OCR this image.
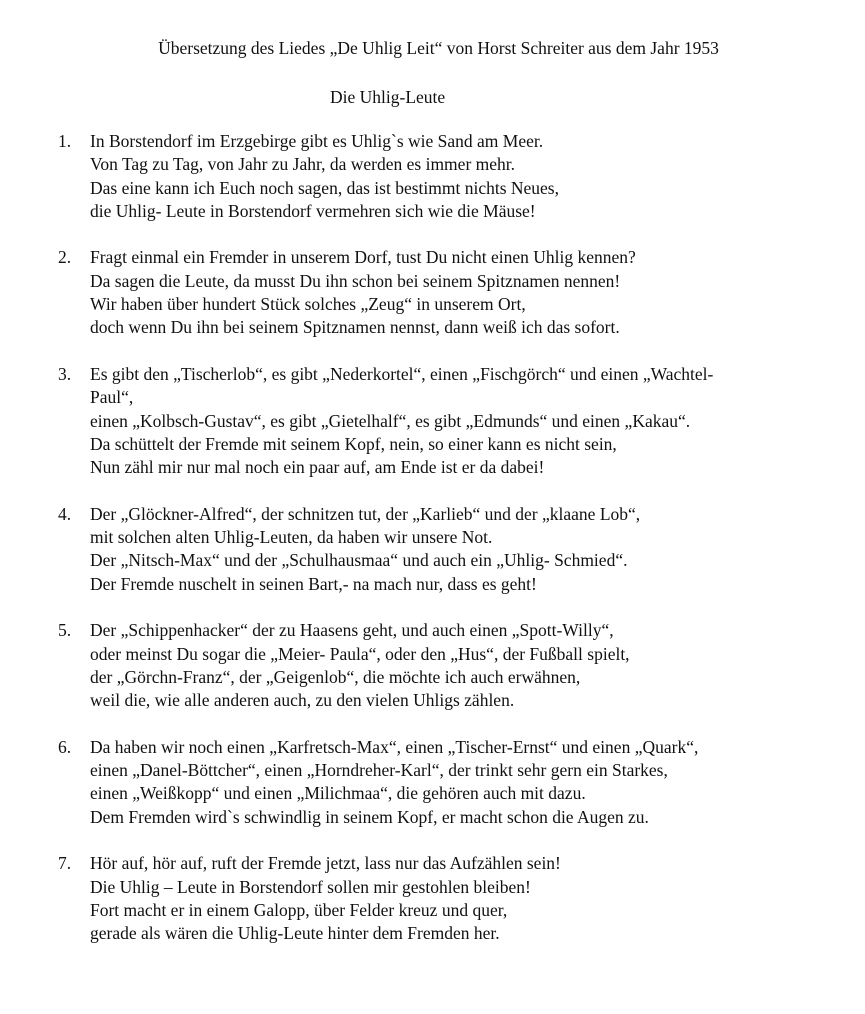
Übersetzung des Liedes „De Uhlig Leit“ von Horst Schreiter aus dem Jahr 1953
Die Uhlig-Leute
1. In Borstendorf im Erzgebirge gibt es Uhlig`s wie Sand am Meer.
Von Tag zu Tag, von Jahr zu Jahr, da werden es immer mehr.
Das eine kann ich Euch noch sagen, das ist bestimmt nichts Neues,
die Uhlig- Leute in Borstendorf vermehren sich wie die Mäuse!
2. Fragt einmal ein Fremder in unserem Dorf, tust Du nicht einen Uhlig kennen?
Da sagen die Leute, da musst Du ihn schon bei seinem Spitznamen nennen!
Wir haben über hundert Stück solches „Zeug“ in unserem Ort,
doch wenn Du ihn bei seinem Spitznamen nennst, dann weiß ich das sofort.
3. Es gibt den „Tischerlob“, es gibt „Nederkortel“, einen „Fischgörch“ und einen „Wachtel-
Paul“,
einen „Kolbsch-Gustav“, es gibt „Gietelhalf“, es gibt „Edmunds“ und einen „Kakau“.
Da schüttelt der Fremde mit seinem Kopf, nein, so einer kann es nicht sein,
Nun zähl mir nur mal noch ein paar auf, am Ende ist er da dabei!
4. Der „Glöckner-Alfred“, der schnitzen tut, der „Karlieb“ und der „klaane Lob“,
mit solchen alten Uhlig-Leuten, da haben wir unsere Not.
Der „Nitsch-Max“ und der „Schulhausmaa“ und auch ein „Uhlig- Schmied“.
Der Fremde nuschelt in seinen Bart,- na mach nur, dass es geht!
5. Der „Schippenhacker“ der zu Haasens geht, und auch einen „Spott-Willy“,
oder meinst Du sogar die „Meier- Paula“, oder den „Hus“, der Fußball spielt,
der „Görchn-Franz“, der „Geigenlob“, die möchte ich auch erwähnen,
weil die, wie alle anderen auch, zu den vielen Uhligs zählen.
6. Da haben wir noch einen „Karfretsch-Max“, einen „Tischer-Ernst“ und einen „Quark“,
einen „Danel-Böttcher“, einen „Horndreher-Karl“, der trinkt sehr gern ein Starkes,
einen „Weißkopp“ und einen „Milichmaa“, die gehören auch mit dazu.
Dem Fremden wird`s schwindlig in seinem Kopf, er macht schon die Augen zu.
7. Hör auf, hör auf, ruft der Fremde jetzt, lass nur das Aufzählen sein!
Die Uhlig – Leute in Borstendorf sollen mir gestohlen bleiben!
Fort macht er in einem Galopp, über Felder kreuz und quer,
gerade als wären die Uhlig-Leute hinter dem Fremden her.
